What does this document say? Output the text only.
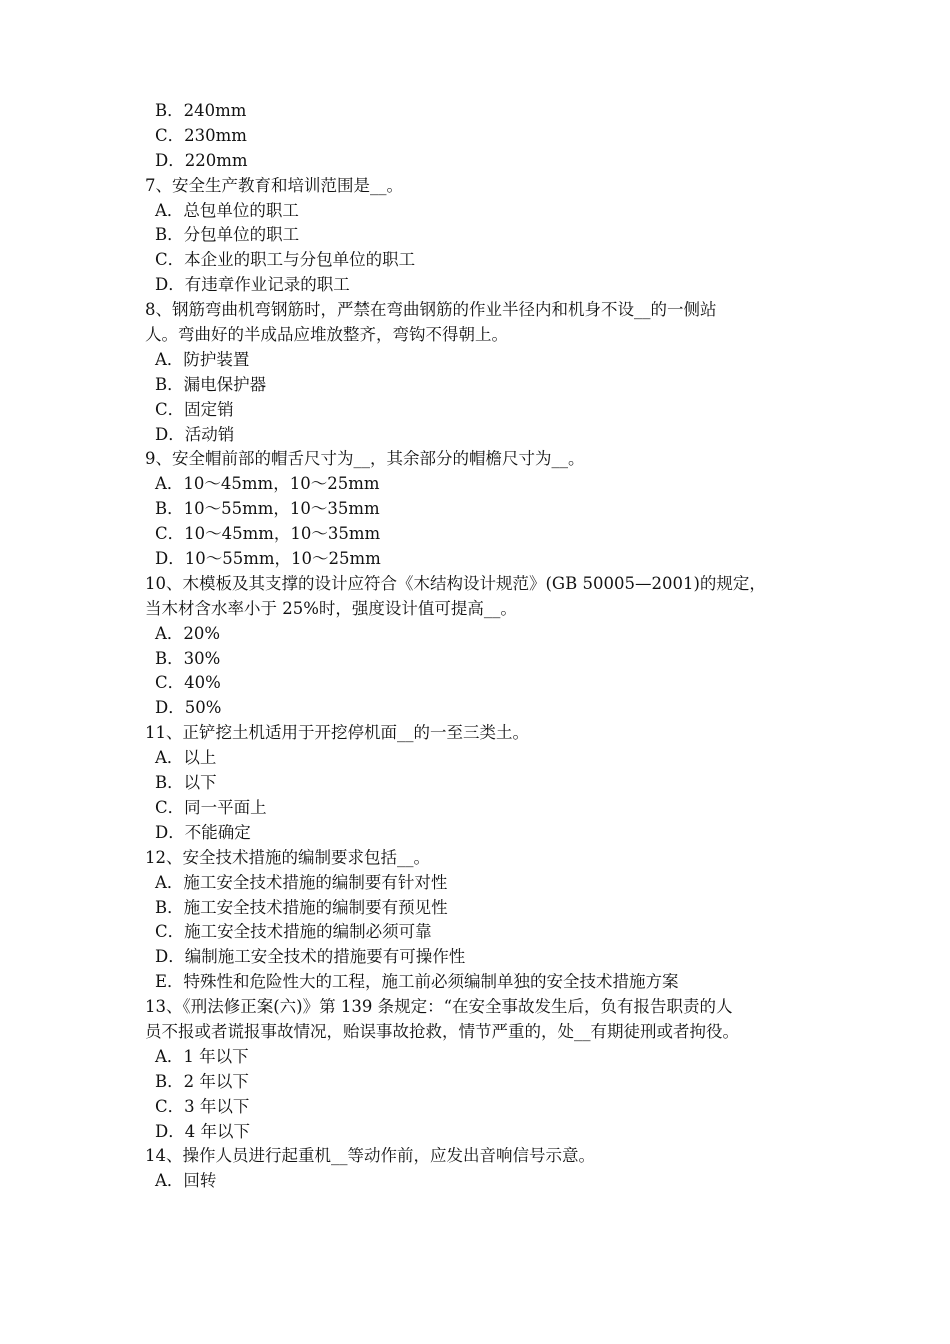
B．240mm
C．230mm
D．220mm
7、安全生产教育和培训范围是__。
A．总包单位的职工
B．分包单位的职工
C．本企业的职工与分包单位的职工
D．有违章作业记录的职工
8、钢筋弯曲机弯钢筋时，严禁在弯曲钢筋的作业半径内和机身不设__的一侧站
人。弯曲好的半成品应堆放整齐，弯钩不得朝上。
A．防护装置
B．漏电保护器
C．固定销
D．活动销
9、安全帽前部的帽舌尺寸为__，其余部分的帽檐尺寸为__。
A．10～45mm，10～25mm
B．10～55mm，10～35mm
C．10～45mm，10～35mm
D．10～55mm，10～25mm
10、木模板及其支撑的设计应符合《木结构设计规范》(GB 50005—2001)的规定，
当木材含水率小于 25%时，强度设计值可提高__。
A．20%
B．30%
C．40%
D．50%
11、正铲挖土机适用于开挖停机面__的一至三类土。
A．以上
B．以下
C．同一平面上
D．不能确定
12、安全技术措施的编制要求包括__。
A．施工安全技术措施的编制要有针对性
B．施工安全技术措施的编制要有预见性
C．施工安全技术措施的编制必须可靠
D．编制施工安全技术的措施要有可操作性
E．特殊性和危险性大的工程，施工前必须编制单独的安全技术措施方案
13、《刑法修正案(六)》第 139 条规定：“在安全事故发生后，负有报告职责的人
员不报或者谎报事故情况，贻误事故抢救，情节严重的，处__有期徒刑或者拘役。
A．1 年以下
B．2 年以下
C．3 年以下
D．4 年以下
14、操作人员进行起重机__等动作前，应发出音响信号示意。
A．回转
